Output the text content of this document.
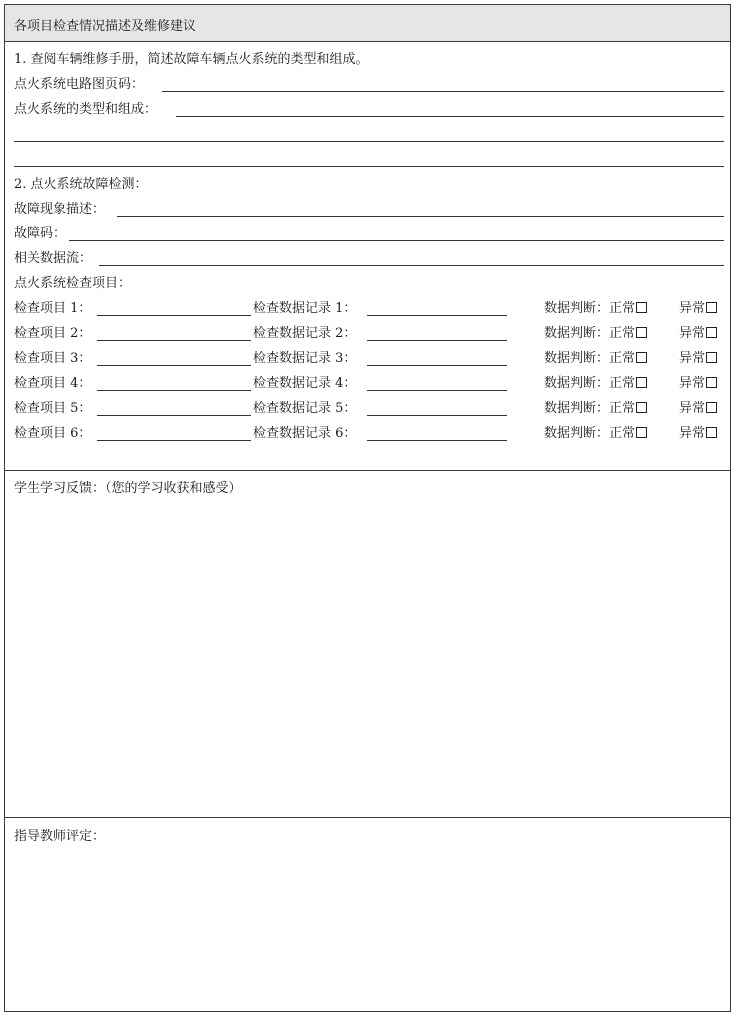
各项目检查情况描述及维修建议
1. 查阅车辆维修手册，简述故障车辆点火系统的类型和组成。
点火系统电路图页码：
点火系统的类型和组成：
2. 点火系统故障检测：
故障现象描述：
故障码：
相关数据流：
点火系统检查项目：
检查项目 1：	检查数据记录 1：	数据判断：正常	异常
检查项目 2：	检查数据记录 2：	数据判断：正常	异常
检查项目 3：	检查数据记录 3：	数据判断：正常	异常
检查项目 4：	检查数据记录 4：	数据判断：正常	异常
检查项目 5：	检查数据记录 5：	数据判断：正常	异常
检查项目 6：	检查数据记录 6：	数据判断：正常	异常
学生学习反馈：（您的学习收获和感受）
指导教师评定：
